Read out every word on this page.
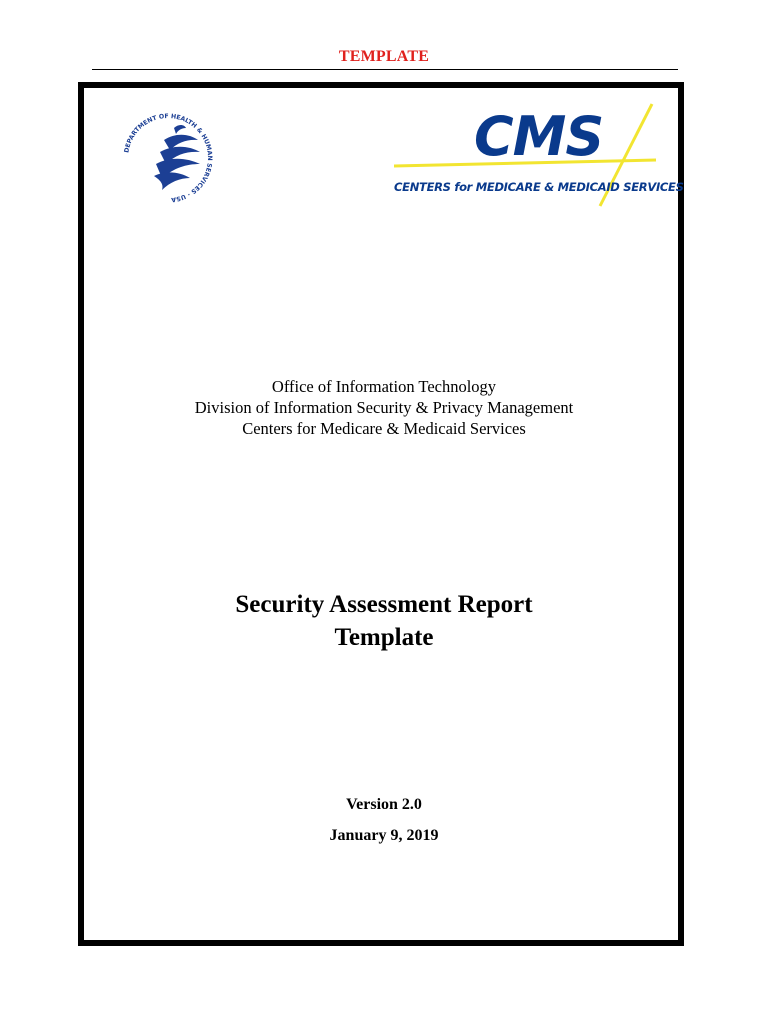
TEMPLATE
DEPARTMENT OF HEALTH & HUMAN SERVICES · USA
CMS
CENTERS for MEDICARE & MEDICAID SERVICES
Office of Information Technology
Division of Information Security & Privacy Management
Centers for Medicare & Medicaid Services
Security Assessment Report
Template
Version 2.0
January 9, 2019
